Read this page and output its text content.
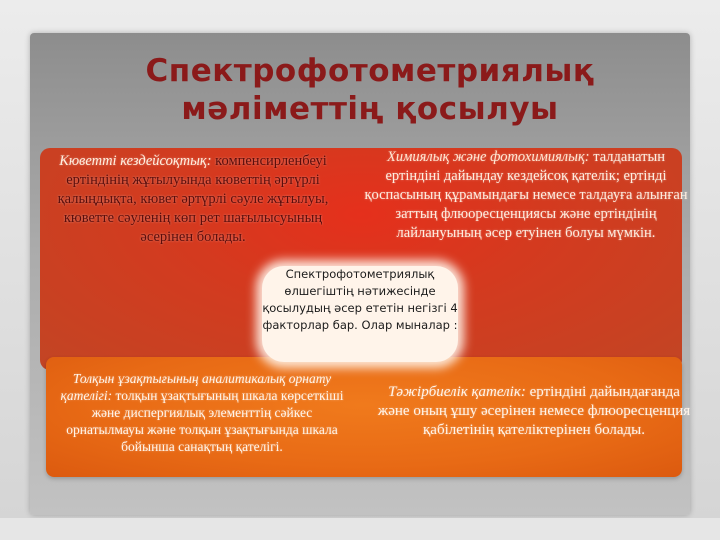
Спектрофотометриялық
мәліметтің қосылуы
Кюветті кездейсоқтық: компенсирленбеуі ертіндінің жұтылуында кюветтің әртүрлі қалыңдықта, кювет әртүрлі сәуле жұтылуы, кюветте сәуленің көп рет шағылысуының әсерінен болады.
Химиялық және фотохимиялық: талданатын ертіндіні дайындау кездейсоқ қателік; ертінді қоспасының құрамындағы немесе талдауға алынған заттың флюоресценциясы және ертіндінің лайлануының әсер етуінен болуы мүмкін.
Спектрофотометриялық өлшегіштің нәтижесінде қосылудың әсер ететін негізгі 4 факторлар бар. Олар мыналар :
Толқын ұзақтығының аналитикалық орнату қателігі: толқын ұзақтығының шкала көрсеткіші және диспергиялық элементтің сәйкес орнатылмауы және толқын ұзақтығында шкала бойынша санақтың қателігі.
Тәжірбиелік қателік: ертіндіні дайындағанда және оның ұшу әсерінен немесе флюоресценция қабілетінің қателіктерінен болады.
